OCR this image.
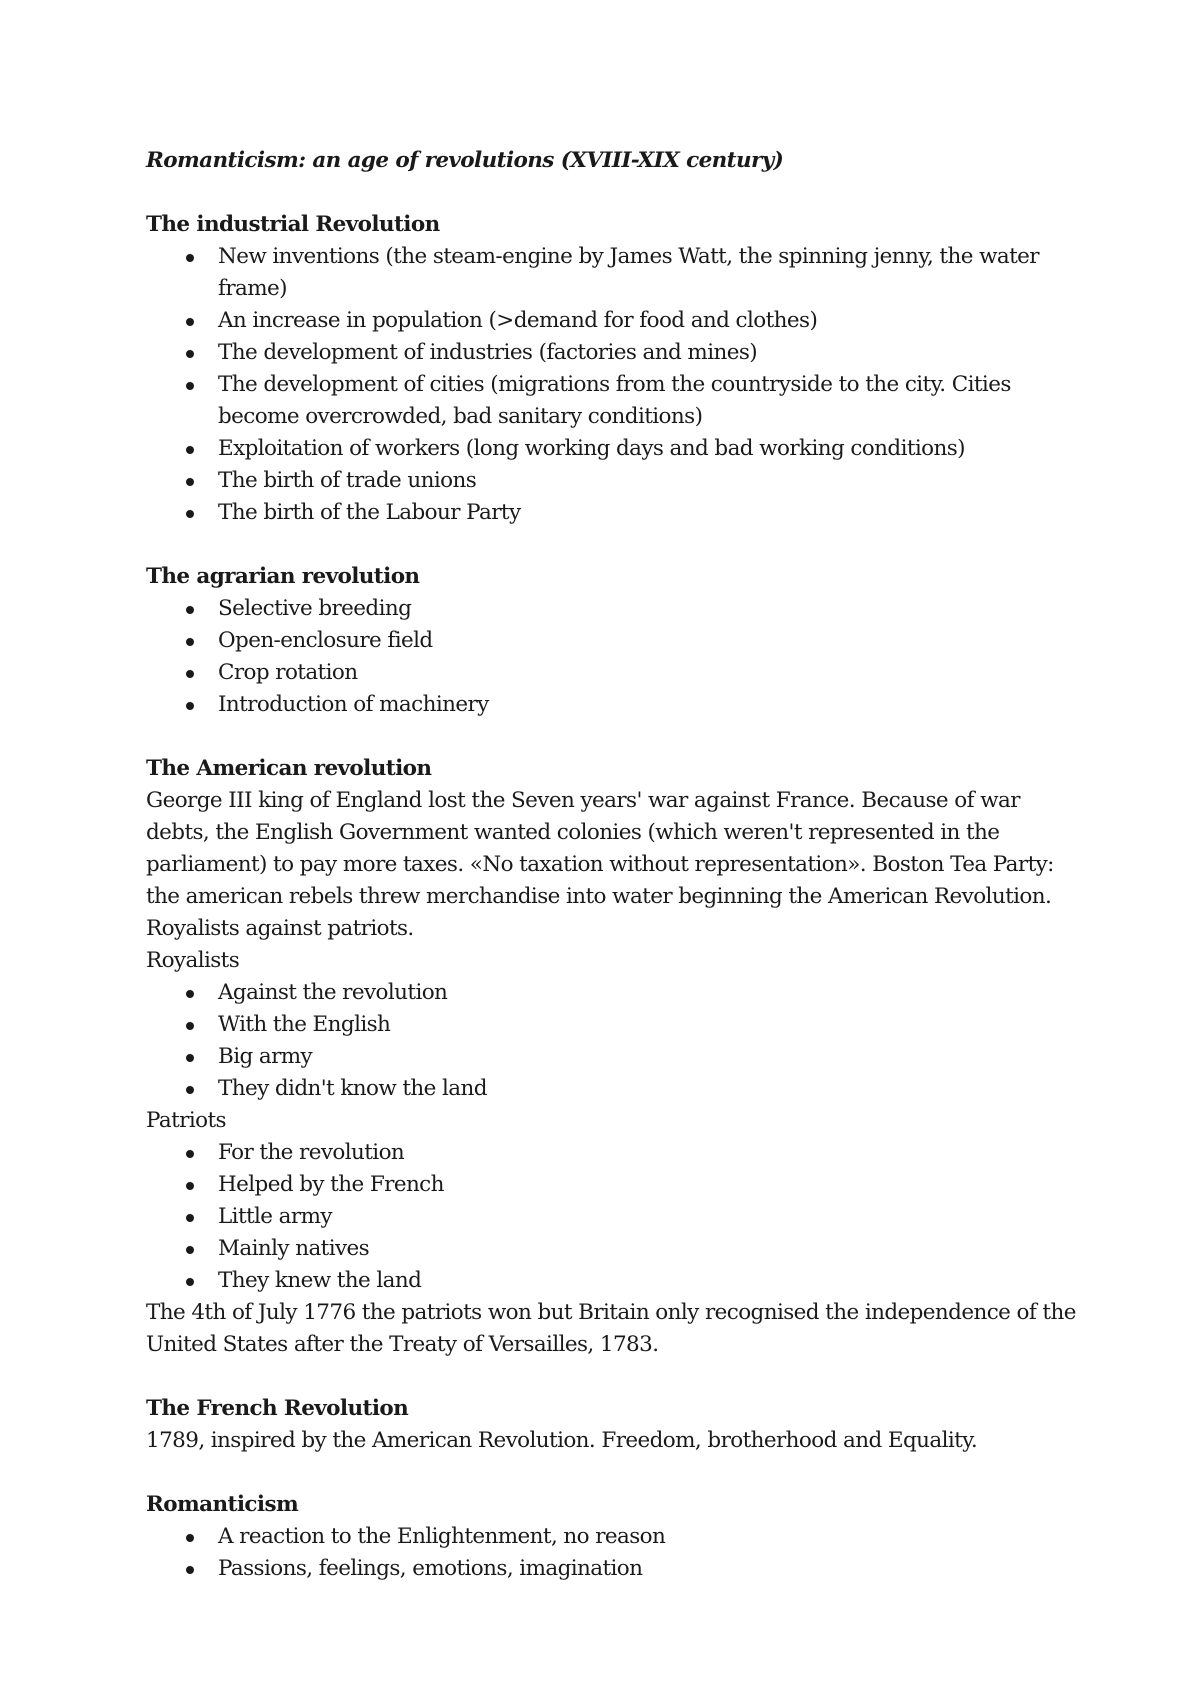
Romanticism: an age of revolutions (XVIII-XIX century)
The industrial Revolution
New inventions (the steam-engine by James Watt, the spinning jenny, the water frame)
An increase in population (>demand for food and clothes)
The development of industries (factories and mines)
The development of cities (migrations from the countryside to the city. Cities become overcrowded, bad sanitary conditions)
Exploitation of workers (long working days and bad working conditions)
The birth of trade unions
The birth of the Labour Party
The agrarian revolution
Selective breeding
Open-enclosure field
Crop rotation
Introduction of machinery
The American revolution

George III king of England lost the Seven years' war against France. Because of war debts, the English Government wanted colonies (which weren't represented in the parliament) to pay more taxes. «No taxation without representation». Boston Tea Party: the american rebels threw merchandise into water beginning the American Revolution. Royalists against patriots.

Royalists
Against the revolution
With the English
Big army
They didn't know the land
Patriots
For the revolution
Helped by the French
Little army
Mainly natives
They knew the land

The 4th of July 1776 the patriots won but Britain only recognised the independence of the United States after the Treaty of Versailles, 1783.

The French Revolution

1789, inspired by the American Revolution. Freedom, brotherhood and Equality.

Romanticism
A reaction to the Enlightenment, no reason
Passions, feelings, emotions, imagination
